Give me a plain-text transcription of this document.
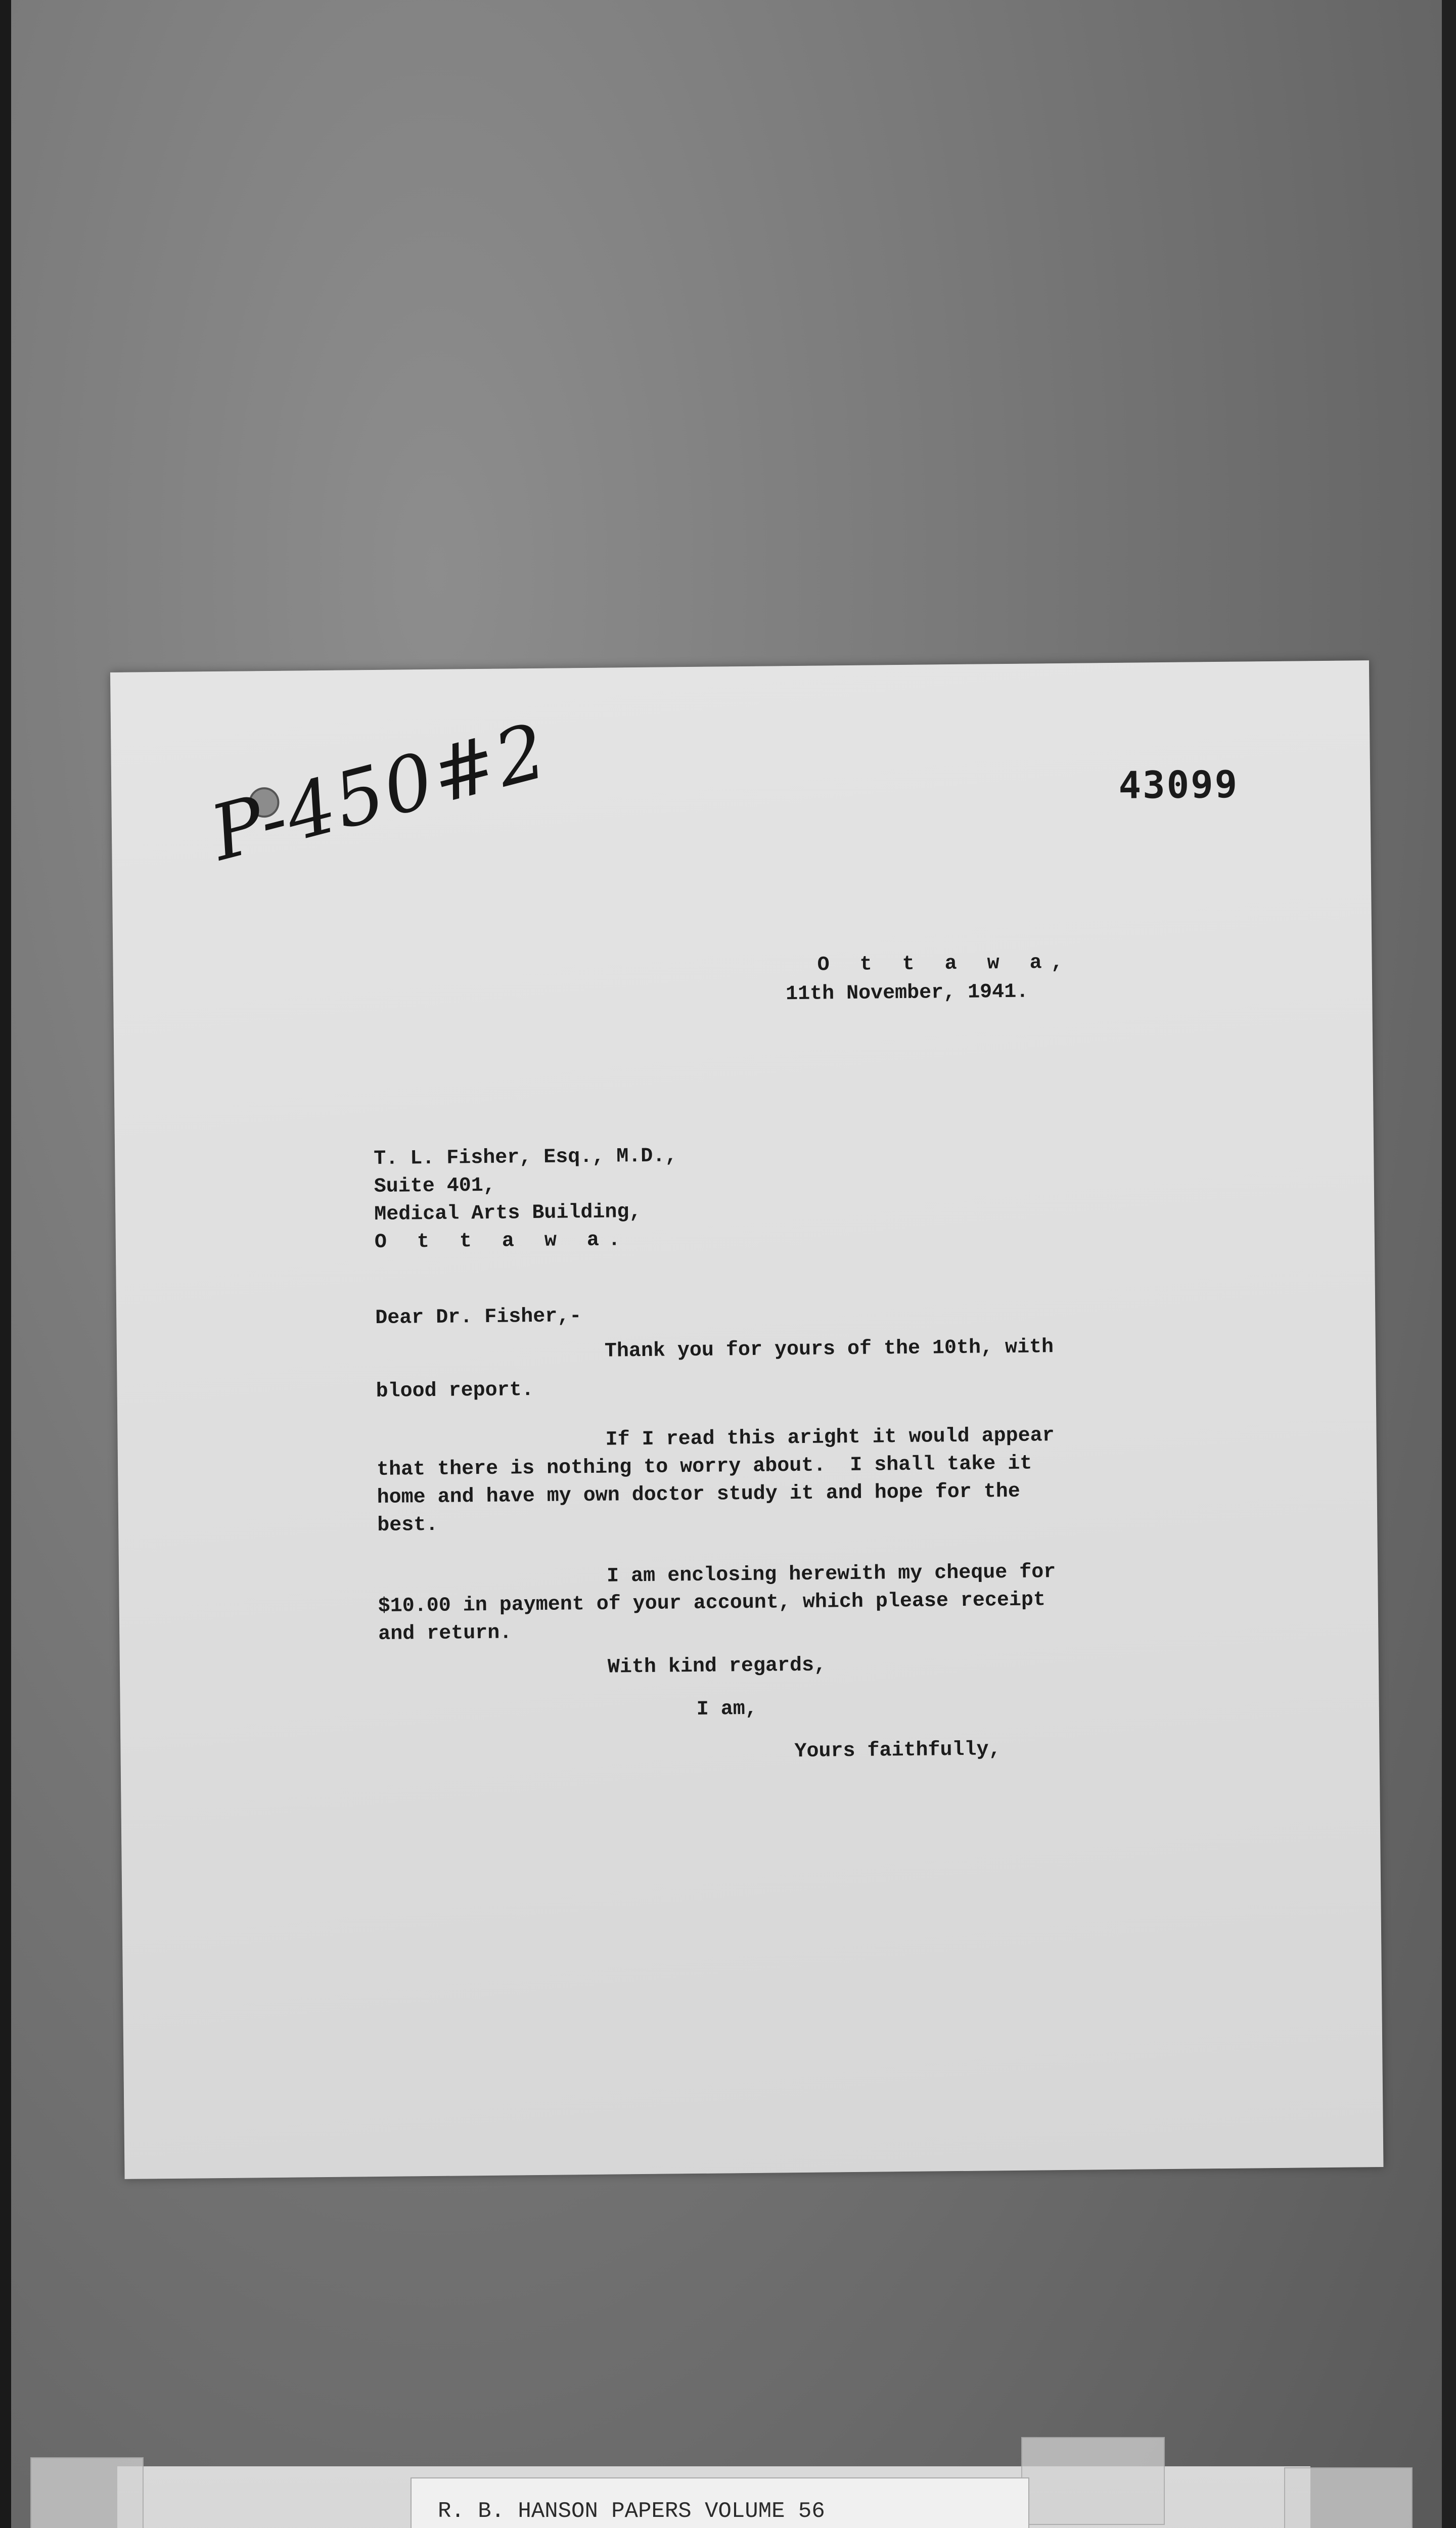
P-450#2	43099
O t t a w a,
11th November, 1941.
T. L. Fisher, Esq., M.D.,
Suite 401,
Medical Arts Building,
O t t a w a.
Dear Dr. Fisher,-
Thank you for yours of the 10th, with
blood report.
If I read this aright it would appear
that there is nothing to worry about.  I shall take it
home and have my own doctor study it and hope for the
best.
I am enclosing herewith my cheque for
$10.00 in payment of your account, which please receipt
and return.
With kind regards,
I am,
Yours faithfully,
R. B. HANSON PAPERS VOLUME 56
